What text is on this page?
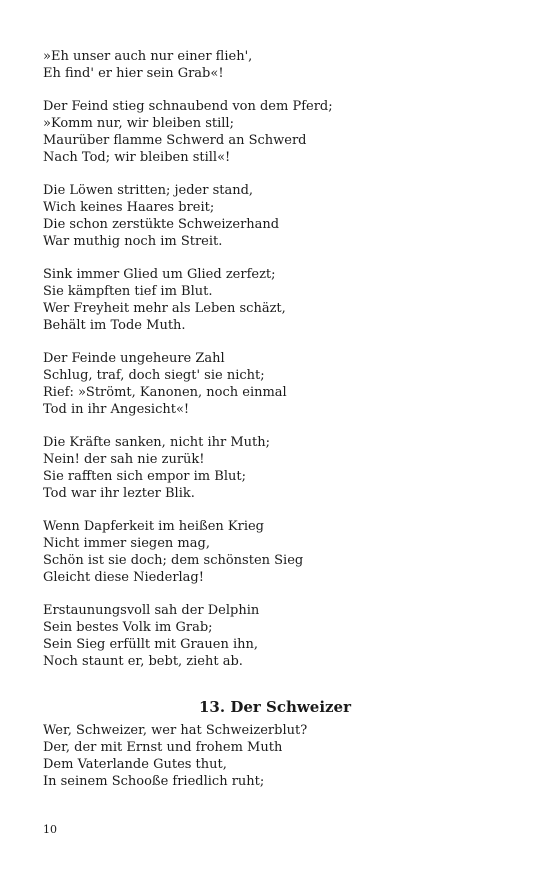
»Eh unser auch nur einer flieh',
Eh find' er hier sein Grab«!
Der Feind stieg schnaubend von dem Pferd;
»Komm nur, wir bleiben still;
Maurüber flamme Schwerd an Schwerd
Nach Tod; wir bleiben still«!
Die Löwen stritten; jeder stand,
Wich keines Haares breit;
Die schon zerstükte Schweizerhand
War muthig noch im Streit.
Sink immer Glied um Glied zerfezt;
Sie kämpften tief im Blut.
Wer Freyheit mehr als Leben schäzt,
Behält im Tode Muth.
Der Feinde ungeheure Zahl
Schlug, traf, doch siegt' sie nicht;
Rief: »Strömt, Kanonen, noch einmal
Tod in ihr Angesicht«!
Die Kräfte sanken, nicht ihr Muth;
Nein! der sah nie zurük!
Sie rafften sich empor im Blut;
Tod war ihr lezter Blik.
Wenn Dapferkeit im heißen Krieg
Nicht immer siegen mag,
Schön ist sie doch; dem schönsten Sieg
Gleicht diese Niederlag!
Erstaunungsvoll sah der Delphin
Sein bestes Volk im Grab;
Sein Sieg erfüllt mit Grauen ihn,
Noch staunt er, bebt, zieht ab.
13. Der Schweizer
Wer, Schweizer, wer hat Schweizerblut?
Der, der mit Ernst und frohem Muth
Dem Vaterlande Gutes thut,
In seinem Schooße friedlich ruht;
10
